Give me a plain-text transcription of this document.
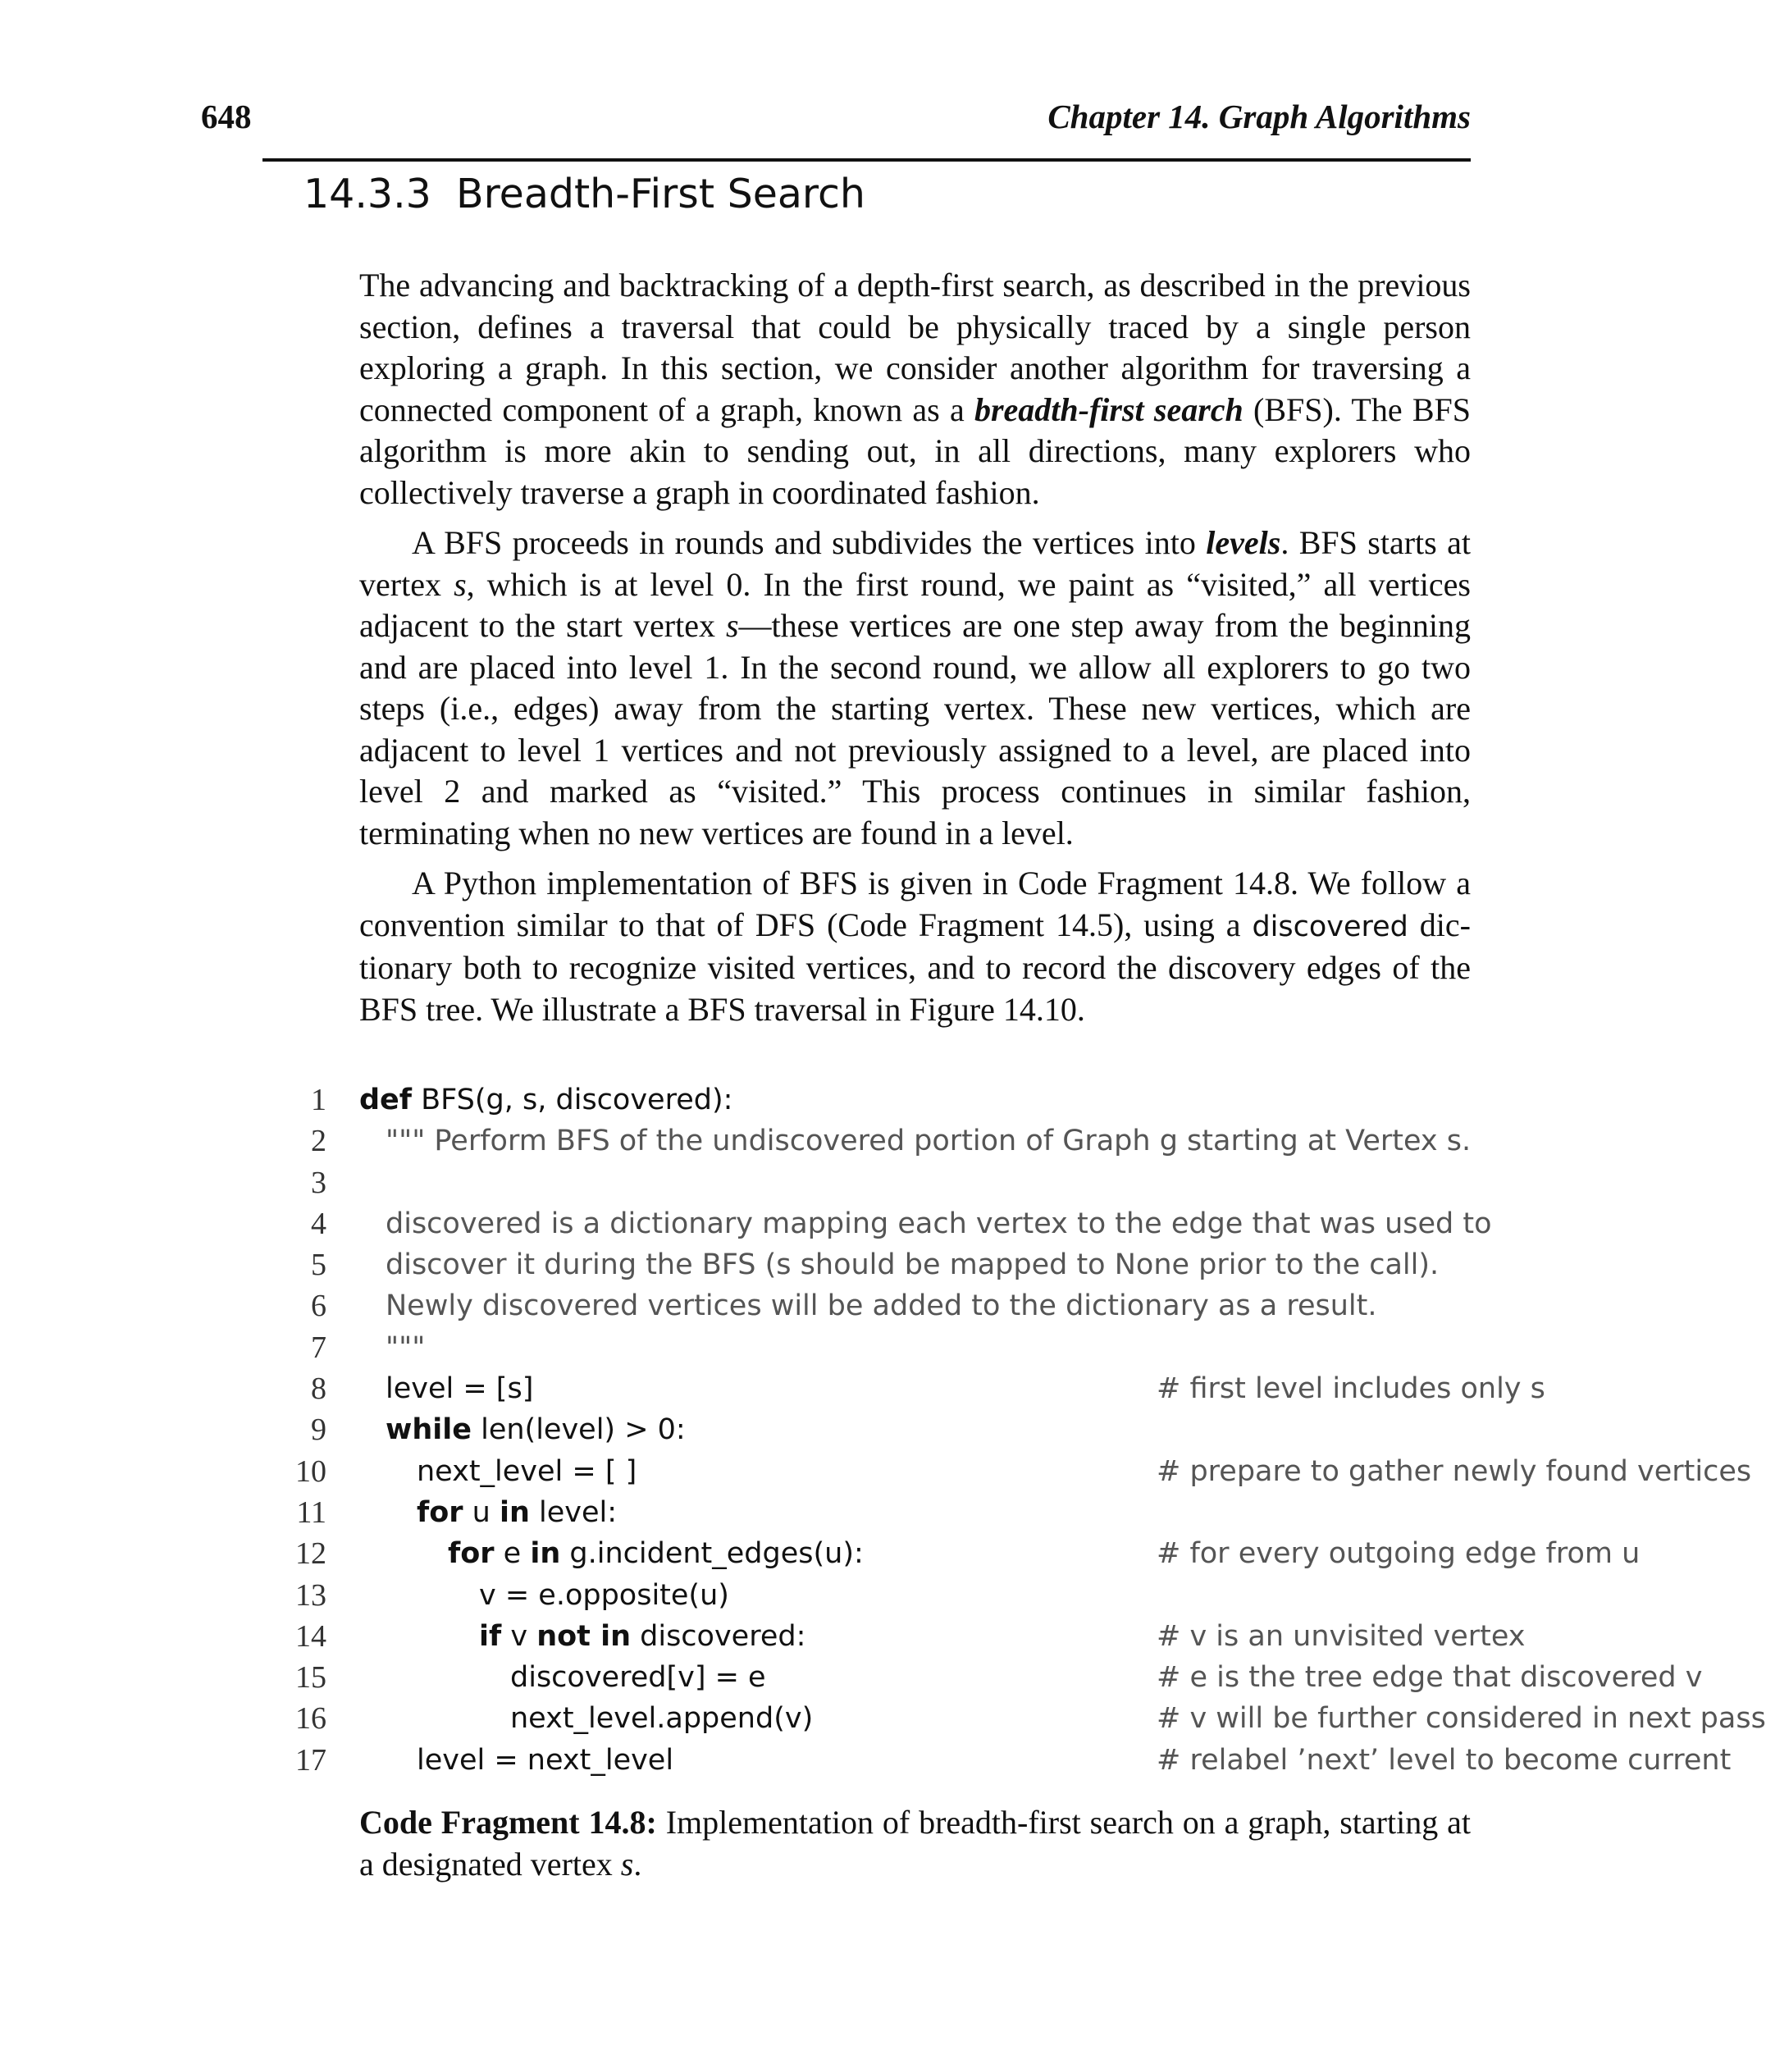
648	Chapter 14. Graph Algorithms
14.3.3 Breadth-First Search

The advancing and backtracking of a depth-first search, as described in the previous section, defines a traversal that could be physically traced by a single person exploring a graph. In this section, we consider another algorithm for traversing a connected component of a graph, known as a breadth-first search (BFS). The BFS algorithm is more akin to sending out, in all directions, many explorers who collectively traverse a graph in coordinated fashion.

A BFS proceeds in rounds and subdivides the vertices into levels. BFS starts at vertex s, which is at level 0. In the first round, we paint as “visited,” all vertices adjacent to the start vertex s—these vertices are one step away from the beginning and are placed into level 1. In the second round, we allow all explorers to go two steps (i.e., edges) away from the starting vertex. These new vertices, which are adjacent to level 1 vertices and not previously assigned to a level, are placed into level 2 and marked as “visited.” This process continues in similar fashion, terminating when no new vertices are found in a level.

A Python implementation of BFS is given in Code Fragment 14.8. We follow a convention similar to that of DFS (Code Fragment 14.5), using a discovered dictionary both to recognize visited vertices, and to record the discovery edges of the BFS tree. We illustrate a BFS traversal in Figure 14.10.

1 def BFS(g, s, discovered):
2 """ Perform BFS of the undiscovered portion of Graph g starting at Vertex s.
3
4 discovered is a dictionary mapping each vertex to the edge that was used to
5 discover it during the BFS (s should be mapped to None prior to the call).
6 Newly discovered vertices will be added to the dictionary as a result.
7 """
8 level = [s]	# first level includes only s
9 while len(level) > 0:
10	next_level = [ ]	# prepare to gather newly found vertices
11	for u in level:
12	for e in g.incident_edges(u):	# for every outgoing edge from u
13	v = e.opposite(u)
14	if v not in discovered:	# v is an unvisited vertex
15	discovered[v] = e	# e is the tree edge that discovered v
16	next_level.append(v)	# v will be further considered in next pass
17	level = next_level	# relabel ’next’ level to become current
Code Fragment 14.8: Implementation of breadth-first search on a graph, starting at a designated vertex s.
